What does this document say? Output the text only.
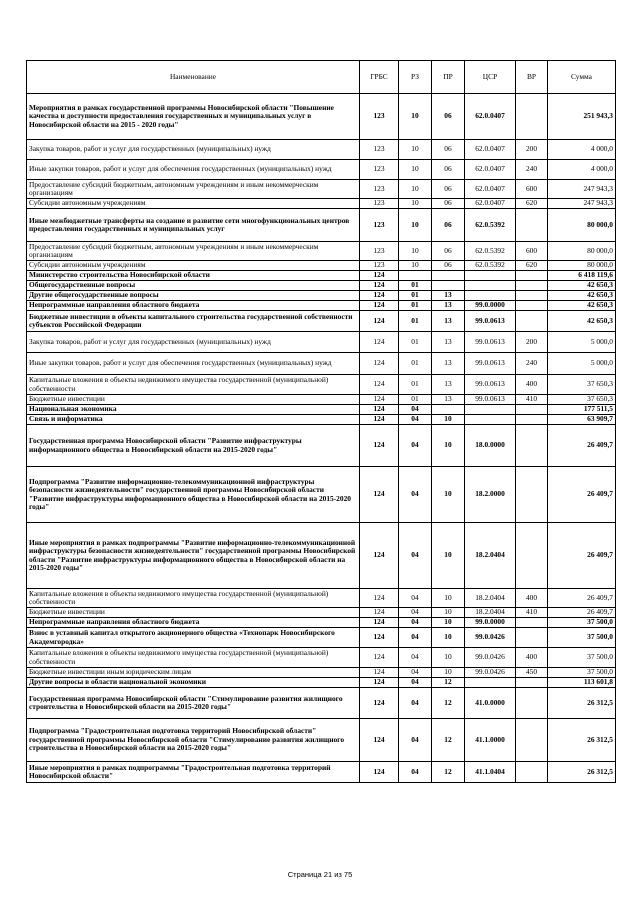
Наименование	ГРБС	РЗ	ПР	ЦСР	ВР	Сумма
Мероприятия в рамках государственной программы Новосибирской области "Повышение качества и доступности предоставления государственных и муниципальных услуг в Новосибирской области на 2015 - 2020 годы"	123	10	06	62.0.0407		251 943,3
Закупка товаров, работ и услуг для государственных (муниципальных) нужд	123	10	06	62.0.0407	200	4 000,0
Иные закупки товаров, работ и услуг для обеспечения государственных (муниципальных) нужд	123	10	06	62.0.0407	240	4 000,0
Предоставление субсидий бюджетным, автономным учреждениям и иным некоммерческим организациям	123	10	06	62.0.0407	600	247 943,3
Субсидии автономным учреждениям	123	10	06	62.0.0407	620	247 943,3
Иные межбюджетные трансферты на создание и развитие сети многофункциональных центров предоставления государственных и муниципальных услуг	123	10	06	62.0.5392		80 000,0
Предоставление субсидий бюджетным, автономным учреждениям и иным некоммерческим организациям	123	10	06	62.0.5392	600	80 000,0
Субсидии автономным учреждениям	123	10	06	62.0.5392	620	80 000,0
Министерство строительства Новосибирской области	124					6 418 119,6
Общегосударственные вопросы	124	01				42 650,3
Другие общегосударственные вопросы	124	01	13			42 650,3
Непрограммные направления областного бюджета	124	01	13	99.0.0000		42 650,3
Бюджетные инвестиции в объекты капитального строительства государственной собственности субъектов Российской Федерации	124	01	13	99.0.0613		42 650,3
Закупка товаров, работ и услуг для государственных (муниципальных) нужд	124	01	13	99.0.0613	200	5 000,0
Иные закупки товаров, работ и услуг для обеспечения государственных (муниципальных) нужд	124	01	13	99.0.0613	240	5 000,0
Капитальные вложения в объекты недвижимого имущества государственной (муниципальной) собственности	124	01	13	99.0.0613	400	37 650,3
Бюджетные инвестиции	124	01	13	99.0.0613	410	37 650,3
Национальная экономика	124	04				177 511,5
Связь и информатика	124	04	10			63 909,7
Государственная программа Новосибирской области "Развитие инфраструктуры информационного общества в Новосибирской области на 2015-2020 годы"	124	04	10	18.0.0000		26 409,7
Подпрограмма "Развитие информационно-телекоммуникационной инфраструктуры безопасности жизнедеятельности" государственной программы Новосибирской области "Развитие инфраструктуры информационного общества в Новосибирской области на 2015-2020 годы"	124	04	10	18.2.0000		26 409,7
Иные мероприятия в рамках подпрограммы "Развитие информационно-телекоммуникационной инфраструктуры безопасности жизнедеятельности" государственной программы Новосибирской области "Развитие инфраструктуры информационного общества в Новосибирской области на 2015-2020 годы"	124	04	10	18.2.0404		26 409,7
Капитальные вложения в объекты недвижимого имущества государственной (муниципальной) собственности	124	04	10	18.2.0404	400	26 409,7
Бюджетные инвестиции	124	04	10	18.2.0404	410	26 409,7
Непрограммные направления областного бюджета	124	04	10	99.0.0000		37 500,0
Взнос в уставный капитал открытого акционерного общества «Технопарк Новосибирского Академгородка»	124	04	10	99.0.0426		37 500,0
Капитальные вложения в объекты недвижимого имущества государственной (муниципальной) собственности	124	04	10	99.0.0426	400	37 500,0
Бюджетные инвестиции иным юридическим лицам	124	04	10	99.0.0426	450	37 500,0
Другие вопросы в области национальной экономики	124	04	12			113 601,8
Государственная программа Новосибирской области "Стимулирование развития жилищного строительства в Новосибирской области на 2015-2020 годы"	124	04	12	41.0.0000		26 312,5
Подпрограмма "Градостроительная подготовка территорий Новосибирской области" государственной программы Новосибирской области "Стимулирование развития жилищного строительства в Новосибирской области на 2015-2020 годы"	124	04	12	41.1.0000		26 312,5
Иные мероприятия в рамках подпрограммы "Градостроительная подготовка территорий Новосибирской области"	124	04	12	41.1.0404		26 312,5
Страница 21 из 75
